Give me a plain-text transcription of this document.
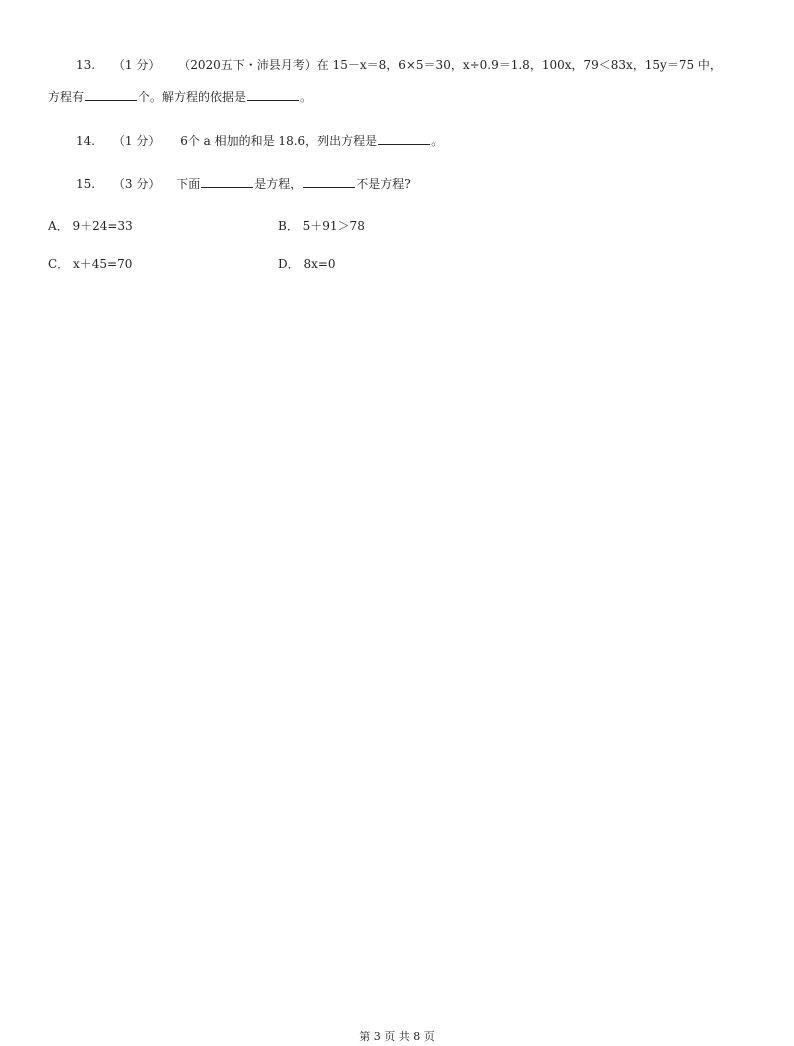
13. （1 分） （2020五下・沛县月考）在 15－x＝8，6×5＝30，x÷0.9＝1.8，100x，79＜83x，15y＝75 中，
方程有	个。解方程的依据是	。
14. （1 分） 6个 a 相加的和是 18.6，列出方程是	。
15. （3 分） 下面	是方程，	不是方程?
A． 9＋24=33	B． 5＋91＞78
C． x＋45=70	D． 8x=0
第 3 页 共 8 页
